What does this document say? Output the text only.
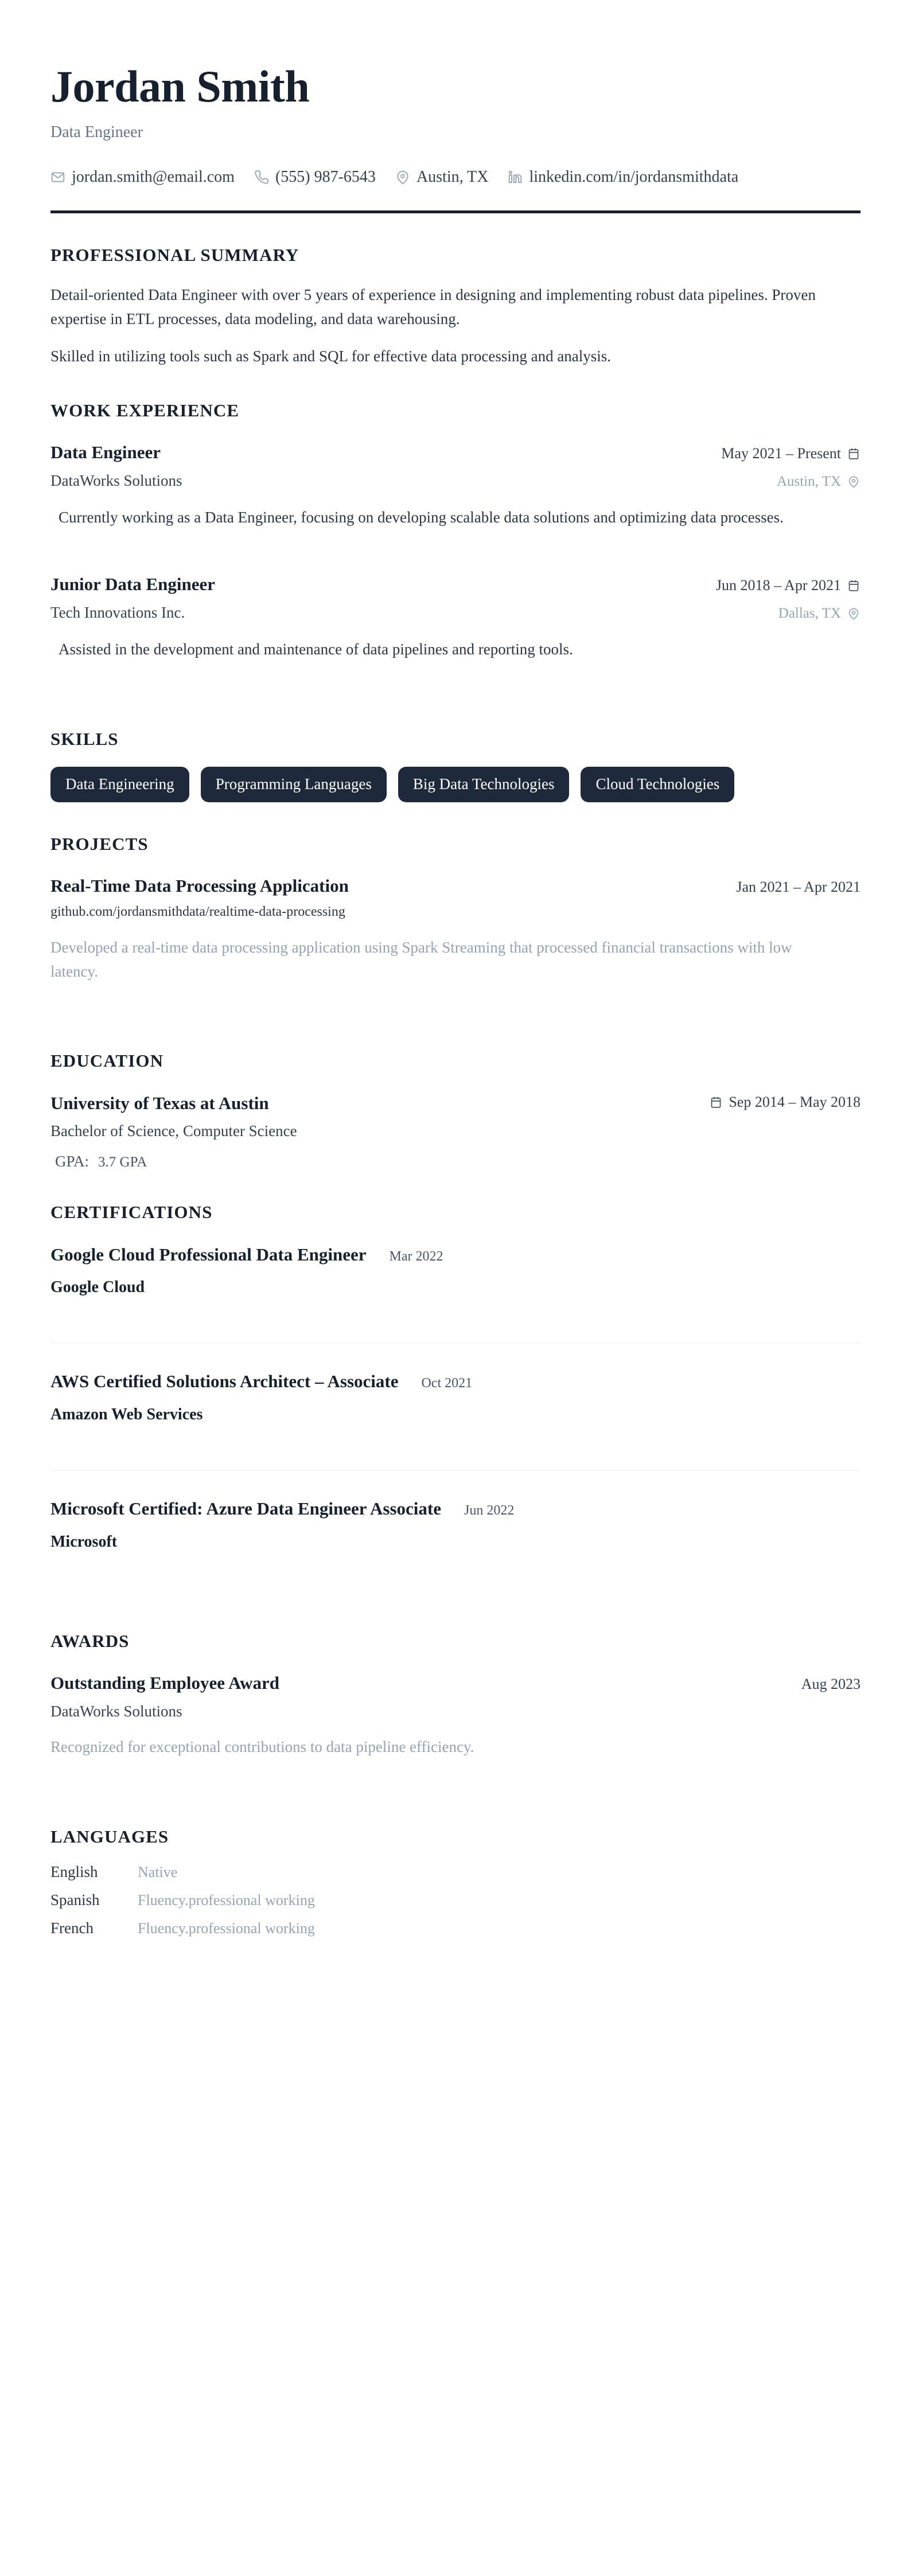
Jordan Smith
Data Engineer
jordan.smith@email.com	(555) 987-6543	Austin, TX	linkedin.com/in/jordansmithdata
PROFESSIONAL SUMMARY

Detail-oriented Data Engineer with over 5 years of experience in designing and implementing robust data pipelines. Proven expertise in ETL processes, data modeling, and data warehousing.

Skilled in utilizing tools such as Spark and SQL for effective data processing and analysis.

WORK EXPERIENCE
Data Engineer	May 2021 – Present
DataWorks Solutions	Austin, TX
Currently working as a Data Engineer, focusing on developing scalable data solutions and optimizing data processes.
Junior Data Engineer	Jun 2018 – Apr 2021
Tech Innovations Inc.	Dallas, TX
Assisted in the development and maintenance of data pipelines and reporting tools.
SKILLS
Data Engineering	Programming Languages	Big Data Technologies	Cloud Technologies
PROJECTS
Real-Time Data Processing Application	Jan 2021 – Apr 2021
github.com/jordansmithdata/realtime-data-processing
Developed a real-time data processing application using Spark Streaming that processed financial transactions with low latency.
EDUCATION
University of Texas at Austin	Sep 2014 – May 2018
Bachelor of Science, Computer Science
GPA: 3.7 GPA
CERTIFICATIONS
Google Cloud Professional Data Engineer Mar 2022
Google Cloud
AWS Certified Solutions Architect – Associate Oct 2021
Amazon Web Services
Microsoft Certified: Azure Data Engineer Associate Jun 2022
Microsoft
AWARDS
Outstanding Employee Award	Aug 2023
DataWorks Solutions
Recognized for exceptional contributions to data pipeline efficiency.
LANGUAGES
English	Native
Spanish	Fluency.professional working
French	Fluency.professional working
